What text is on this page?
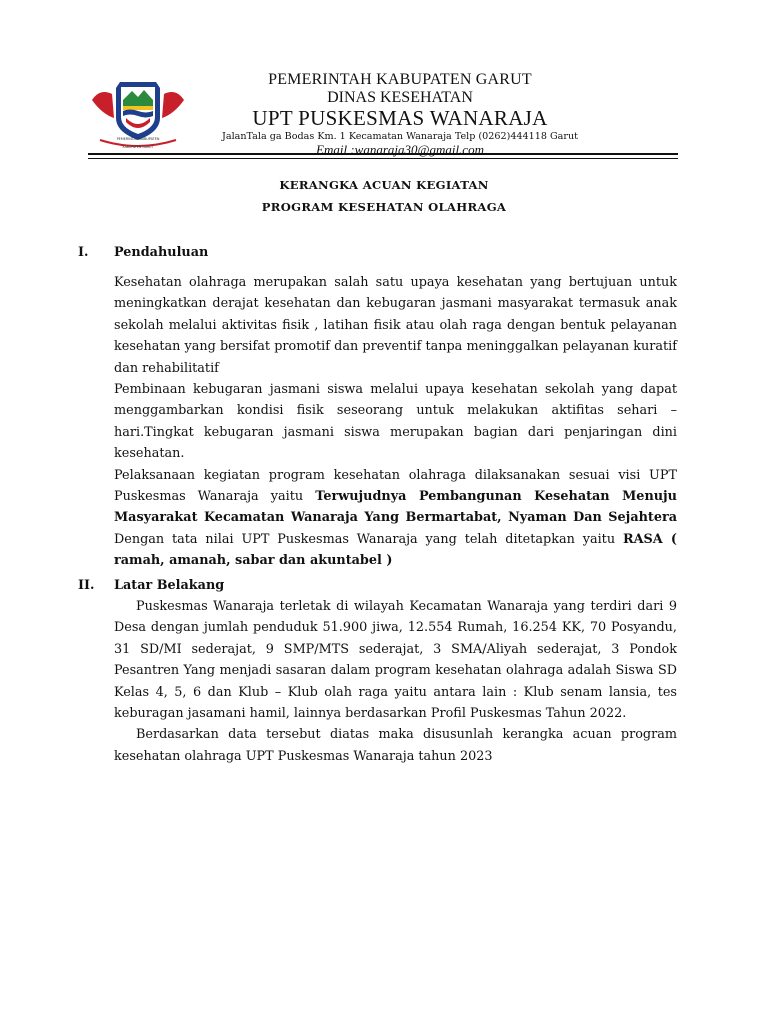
PEMERINTAH KABUPATEN
KABUPATEN GARUT
PEMERINTAH KABUPATEN GARUT
DINAS KESEHATAN
UPT PUSKESMAS WANARAJA
JalanTala ga Bodas Km. 1 Kecamatan Wanaraja Telp (0262)444118 Garut
Email :wanaraja30@gmail.com
KERANGKA ACUAN KEGIATAN
PROGRAM KESEHATAN OLAHRAGA
I. Pendahuluan

Kesehatan olahraga merupakan salah satu upaya kesehatan yang bertujuan untuk meningkatkan derajat kesehatan dan kebugaran jasmani masyarakat termasuk anak sekolah melalui aktivitas fisik , latihan fisik atau olah raga dengan bentuk pelayanan kesehatan yang bersifat promotif dan preventif tanpa meninggalkan pelayanan kuratif dan rehabilitatif

Pembinaan kebugaran jasmani siswa melalui upaya kesehatan sekolah yang dapat menggambarkan kondisi fisik seseorang untuk melakukan aktifitas sehari – hari.Tingkat kebugaran jasmani siswa merupakan bagian dari penjaringan dini kesehatan.

Pelaksanaan kegiatan program kesehatan olahraga dilaksanakan sesuai visi UPT Puskesmas Wanaraja yaitu Terwujudnya Pembangunan Kesehatan Menuju Masyarakat Kecamatan Wanaraja Yang Bermartabat, Nyaman Dan Sejahtera Dengan tata nilai UPT Puskesmas Wanaraja yang telah ditetapkan yaitu RASA ( ramah, amanah, sabar dan akuntabel )

II. Latar Belakang

Puskesmas Wanaraja terletak di wilayah Kecamatan Wanaraja yang terdiri dari 9 Desa dengan jumlah penduduk 51.900 jiwa, 12.554 Rumah, 16.254 KK, 70 Posyandu, 31 SD/MI sederajat, 9 SMP/MTS sederajat, 3 SMA/Aliyah sederajat, 3 Pondok Pesantren Yang menjadi sasaran dalam program kesehatan olahraga adalah Siswa SD Kelas 4, 5, 6 dan Klub – Klub olah raga yaitu antara lain : Klub senam lansia, tes keburagan jasamani hamil, lainnya berdasarkan Profil Puskesmas Tahun 2022.

Berdasarkan data tersebut diatas maka disusunlah kerangka acuan program kesehatan olahraga UPT Puskesmas Wanaraja tahun 2023
